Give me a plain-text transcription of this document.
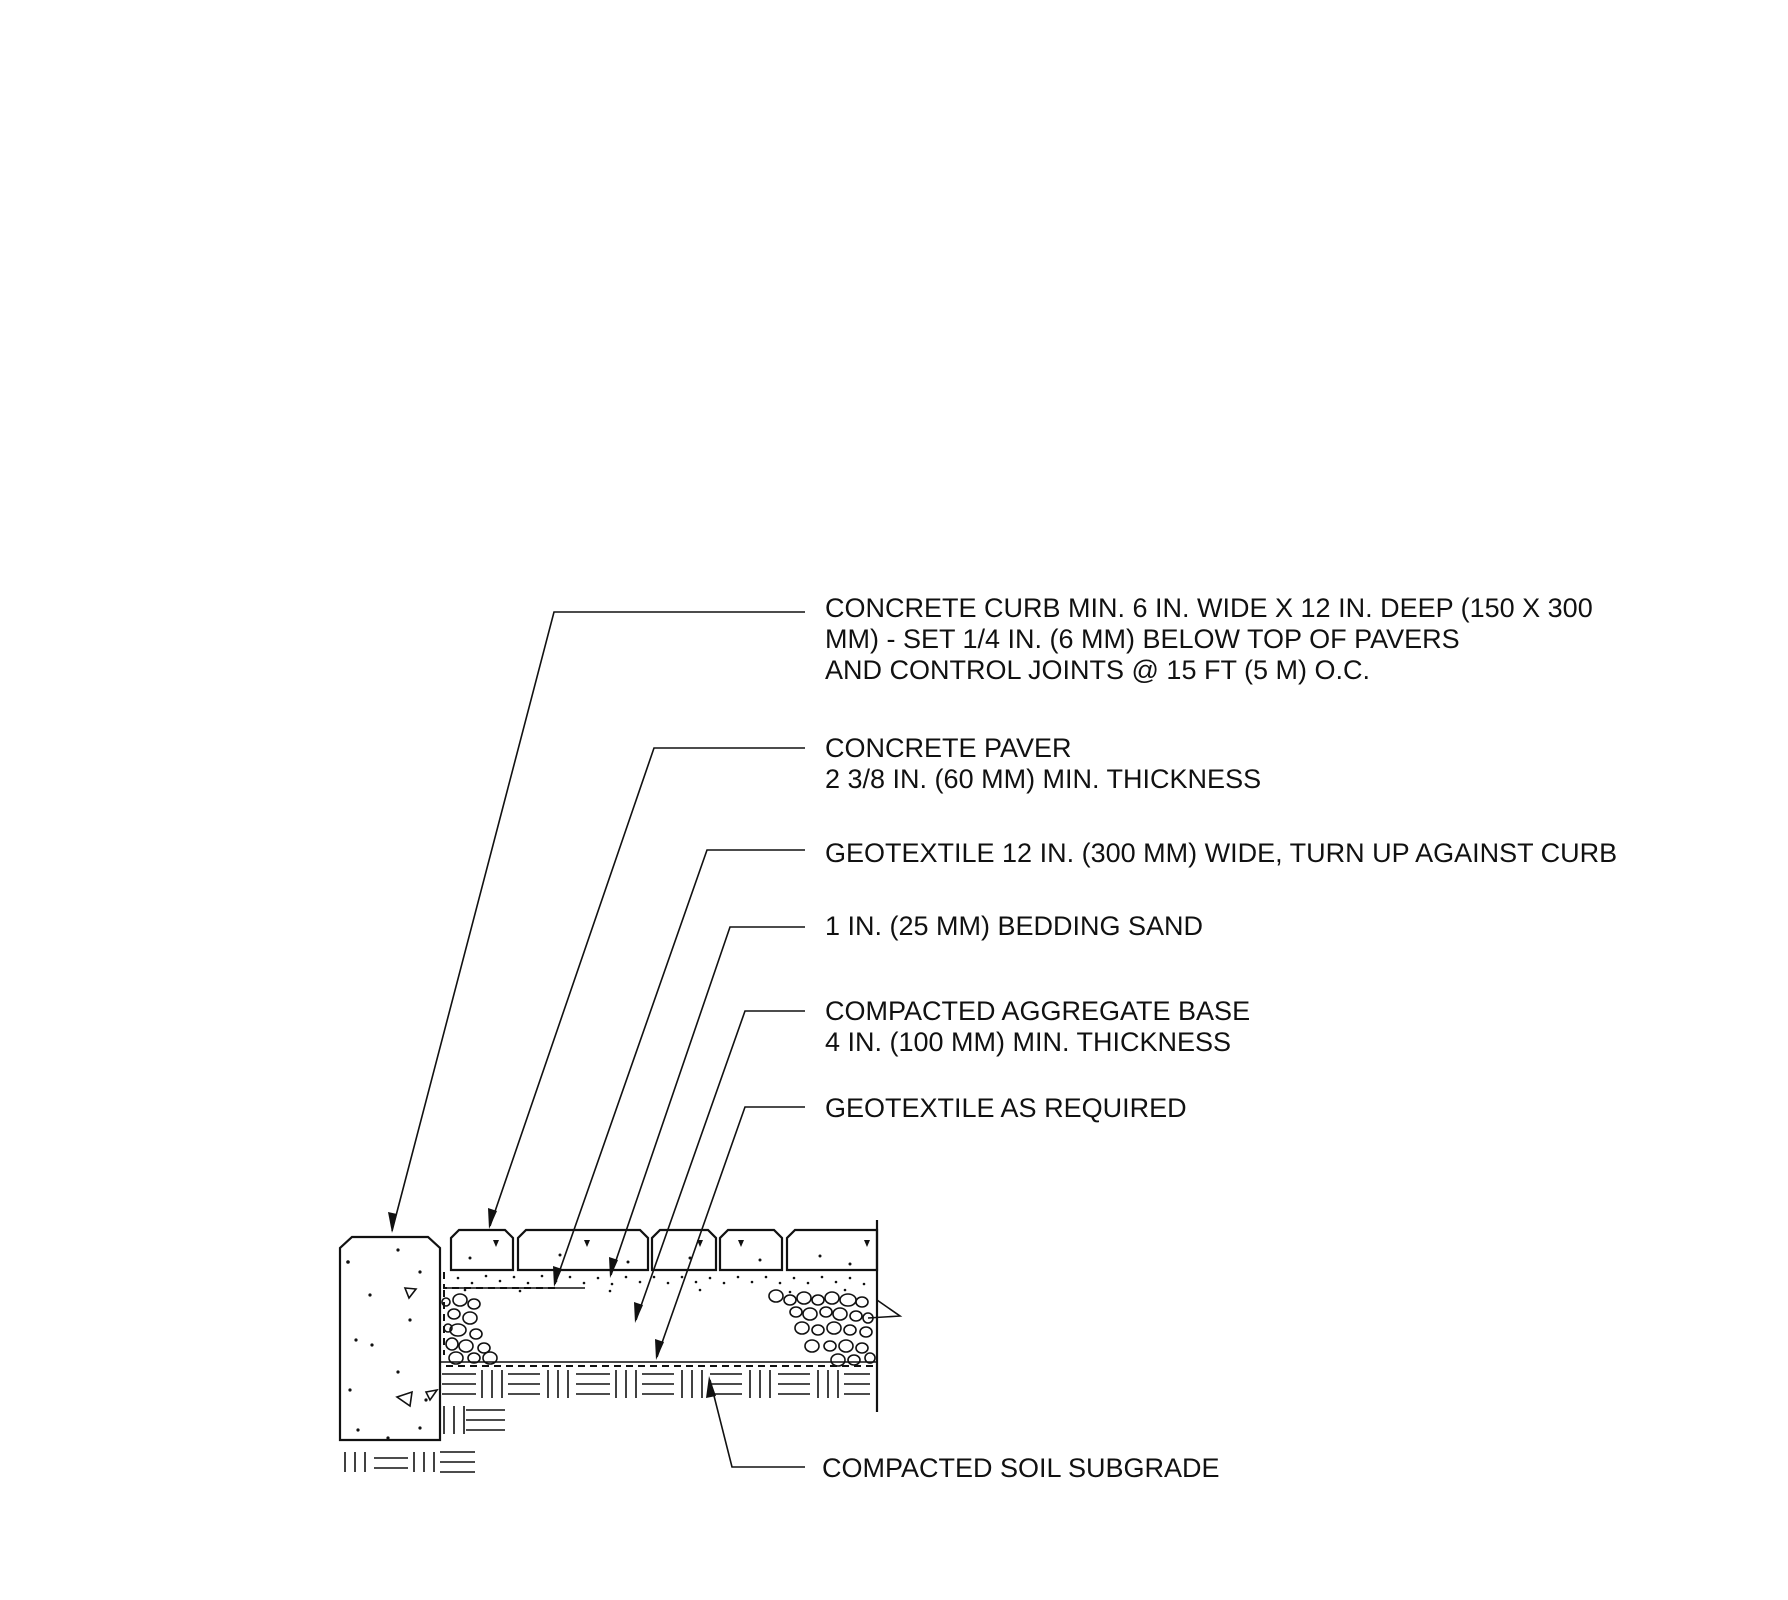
CONCRETE CURB MIN. 6 IN. WIDE X 12 IN. DEEP (150 X 300
MM) - SET 1/4 IN. (6 MM) BELOW TOP OF PAVERS
AND CONTROL JOINTS @ 15 FT (5 M) O.C.
CONCRETE PAVER
2 3/8 IN. (60 MM) MIN. THICKNESS
GEOTEXTILE 12 IN. (300 MM) WIDE, TURN UP AGAINST CURB
1 IN. (25 MM) BEDDING SAND
COMPACTED AGGREGATE BASE
4 IN. (100 MM) MIN. THICKNESS
GEOTEXTILE AS REQUIRED
COMPACTED SOIL SUBGRADE
